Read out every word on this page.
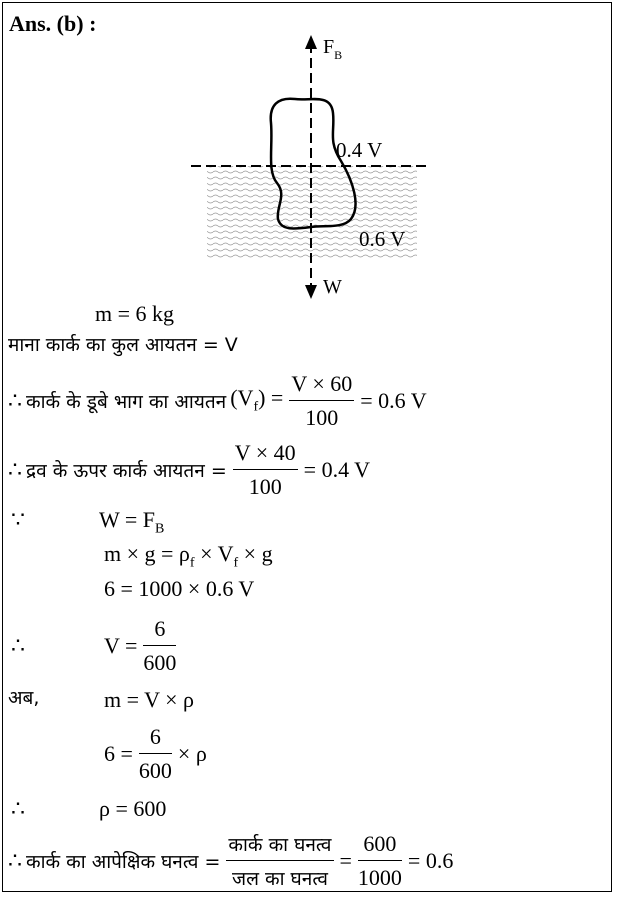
Ans. (b) :
$F_B$
0.4 V
0.6 V
W
m = 6 kg
माना कार्क का कुल आयतन = V
∴ कार्क के डूबे भाग का आयतन $(V_f) = \frac{V \times 60}{100} = 0.6$ V
∴ द्रव के ऊपर कार्क आयतन = $\frac{V \times 40}{100} = 0.4$ V
∵	$W = F_B$
$m \times g = \rho_f \times V_f \times g$
6 = 1000 × 0.6 V
∴	$V = \frac{6}{600}$
अब,	m = V × ρ
$6 = \frac{6}{600} \times \rho$
∴	ρ = 600
∴ कार्क का आपेक्षिक घनत्व = $\frac{\text{कार्क का घनत्व}}{\text{जल का घनत्व}} = \frac{600}{1000} = 0.6$
